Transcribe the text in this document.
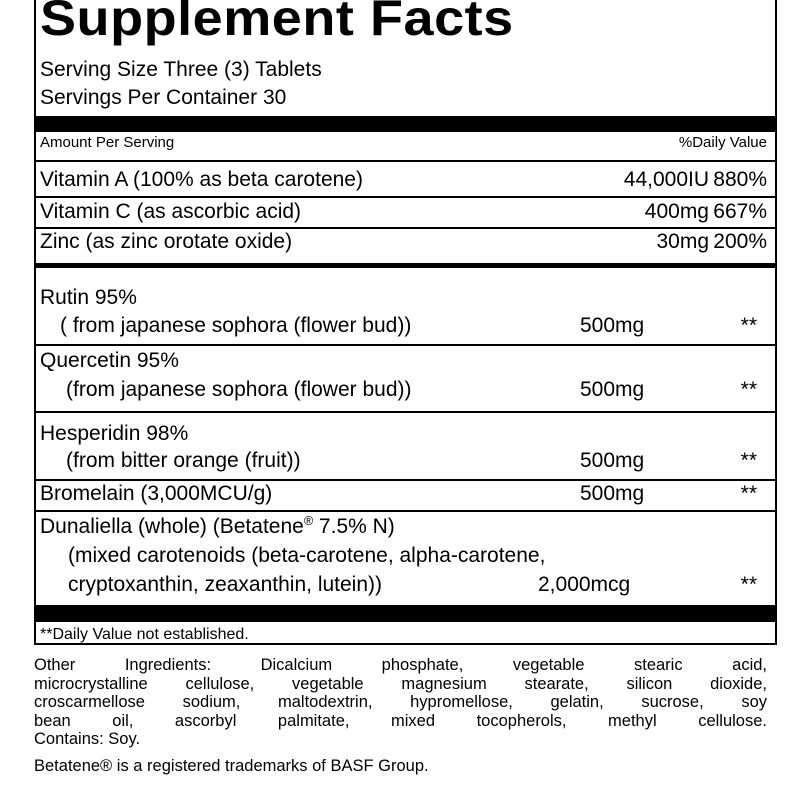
Supplement Facts
Serving Size Three (3) Tablets
Servings Per Container 30
Amount Per Serving	%Daily Value
Vitamin A (100% as beta carotene)	44,000IU 880%
Vitamin C (as ascorbic acid)	400mg 667%
Zinc (as zinc orotate oxide)	30mg 200%
Rutin 95%
( from japanese sophora (flower bud))	500mg	**
Quercetin 95%
(from japanese sophora (flower bud))	500mg	**
Hesperidin 98%
(from bitter orange (fruit))	500mg	**
Bromelain (3,000MCU/g)	500mg	**
Dunaliella (whole) (Betatene® 7.5% N)
(mixed carotenoids (beta-carotene, alpha-carotene,
cryptoxanthin, zeaxanthin, lutein))	2,000mcg	**
**Daily Value not established.
Other Ingredients: Dicalcium phosphate, vegetable stearic acid,
microcrystalline cellulose, vegetable magnesium stearate, silicon dioxide,
croscarmellose sodium, maltodextrin, hypromellose, gelatin, sucrose, soy
bean oil, ascorbyl palmitate, mixed tocopherols, methyl cellulose.
Contains: Soy.
Betatene® is a registered trademarks of BASF Group.
